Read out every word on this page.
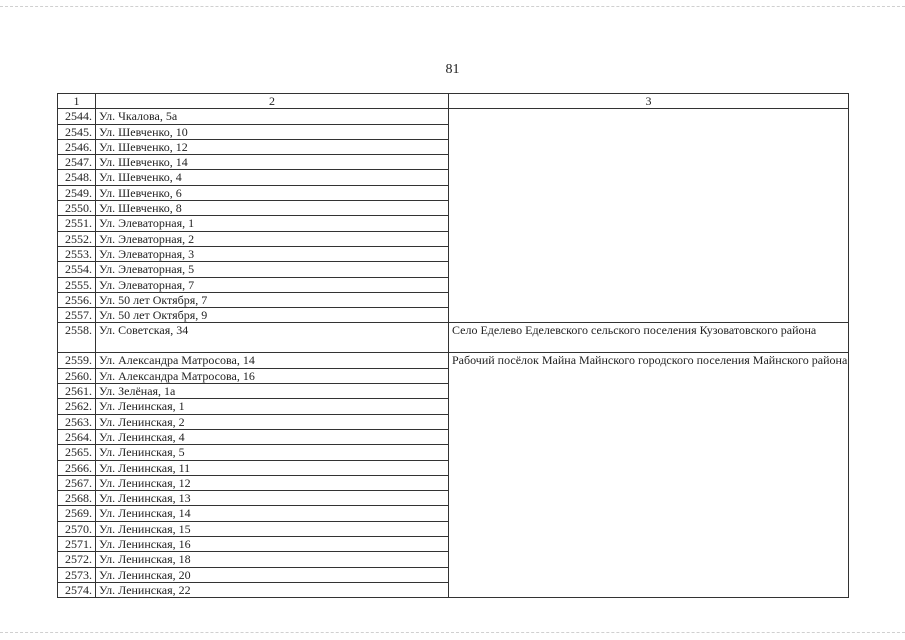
81
1	2	3
2544.	Ул. Чкалова, 5а	
2545.	Ул. Шевченко, 10	
2546.	Ул. Шевченко, 12	
2547.	Ул. Шевченко, 14	
2548.	Ул. Шевченко, 4	
2549.	Ул. Шевченко, 6	
2550.	Ул. Шевченко, 8	
2551.	Ул. Элеваторная, 1	
2552.	Ул. Элеваторная, 2	
2553.	Ул. Элеваторная, 3	
2554.	Ул. Элеваторная, 5	
2555.	Ул. Элеваторная, 7	
2556.	Ул. 50 лет Октября, 7	
2557.	Ул. 50 лет Октября, 9	
2558.	Ул. Советская, 34	Село Еделево Еделевского сельского поселения Кузоватовского района
2559.	Ул. Александра Матросова, 14	Рабочий посёлок Майна Майнского городского поселения Майнского района
2560.	Ул. Александра Матросова, 16	
2561.	Ул. Зелёная, 1а	
2562.	Ул. Ленинская, 1	
2563.	Ул. Ленинская, 2	
2564.	Ул. Ленинская, 4	
2565.	Ул. Ленинская, 5	
2566.	Ул. Ленинская, 11	
2567.	Ул. Ленинская, 12	
2568.	Ул. Ленинская, 13	
2569.	Ул. Ленинская, 14	
2570.	Ул. Ленинская, 15	
2571.	Ул. Ленинская, 16	
2572.	Ул. Ленинская, 18	
2573.	Ул. Ленинская, 20	
2574.	Ул. Ленинская, 22	
